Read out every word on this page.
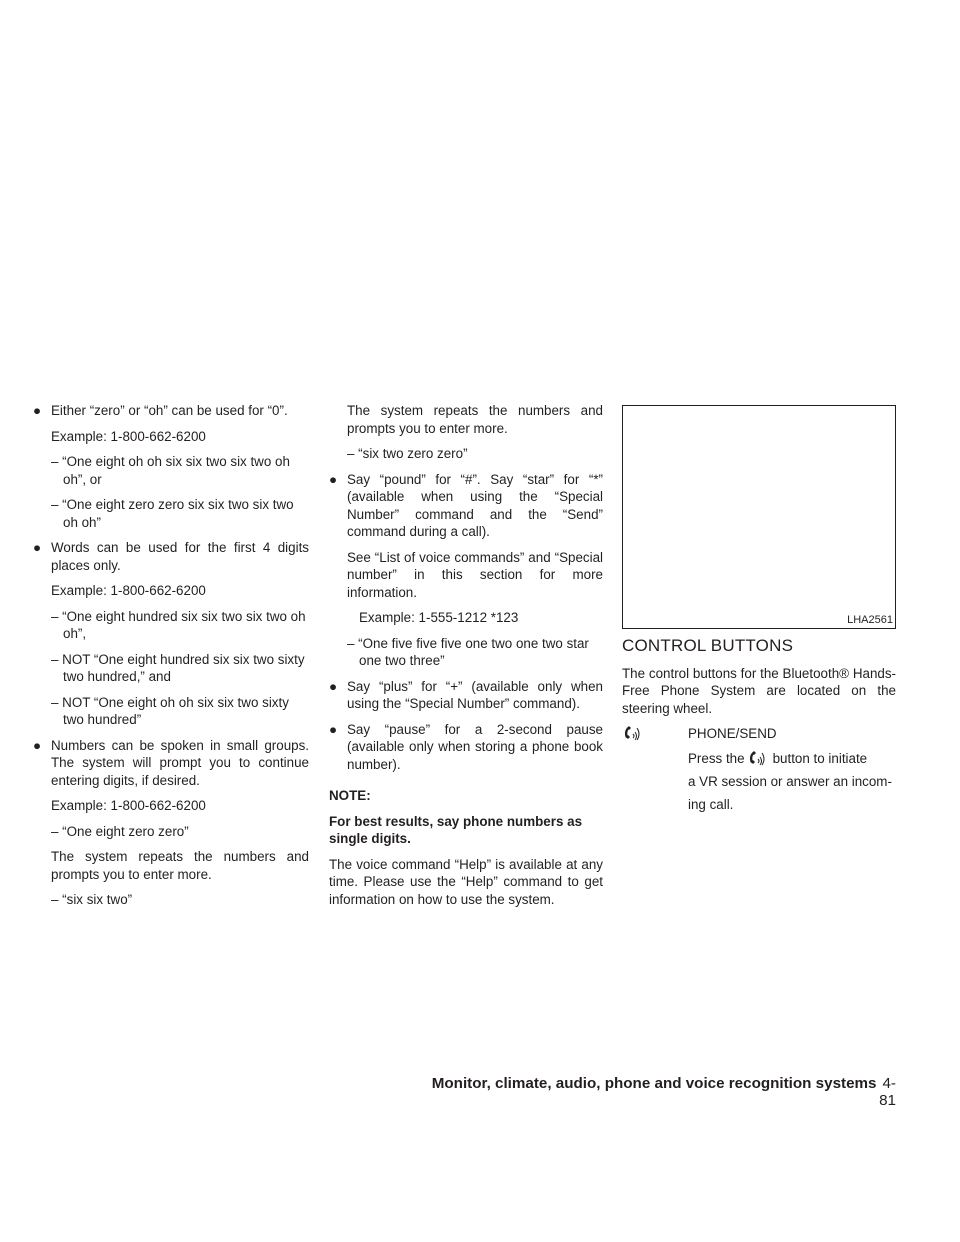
● Either “zero” or “oh” can be used for “0”.

Example: 1-800-662-6200

– “One eight oh oh six six two six two oh oh”, or

– “One eight zero zero six six two six two oh oh”

● Words can be used for the first 4 digits places only.

Example: 1-800-662-6200

– “One eight hundred six six two six two oh oh”,

– NOT “One eight hundred six six two sixty two hundred,” and

– NOT “One eight oh oh six six two sixty two hundred”

● Numbers can be spoken in small groups. The system will prompt you to continue entering digits, if desired.

Example: 1-800-662-6200

– “One eight zero zero”

The system repeats the numbers and prompts you to enter more.

– “six six two”

The system repeats the numbers and prompts you to enter more.

– “six two zero zero”

● Say “pound” for “#”. Say “star” for “*” (available when using the “Special Number” command and the “Send” command during a call).

See “List of voice commands” and “Special number” in this section for more information.

Example: 1-555-1212 *123

– “One five five five one two one two star one two three”

● Say “plus” for “+” (available only when using the “Special Number” command).
● Say “pause” for a 2-second pause (available only when storing a phone book number).

NOTE:

For best results, say phone numbers as single digits.

The voice command “Help” is available at any time. Please use the “Help” command to get information on how to use the system.

LHA2561
CONTROL BUTTONS

The control buttons for the Bluetooth® Hands-Free Phone System are located on the steering wheel.

PHONE/SEND
Press the button to initiate
a VR session or answer an incom-
ing call.
Monitor, climate, audio, phone and voice recognition systems 4-81
